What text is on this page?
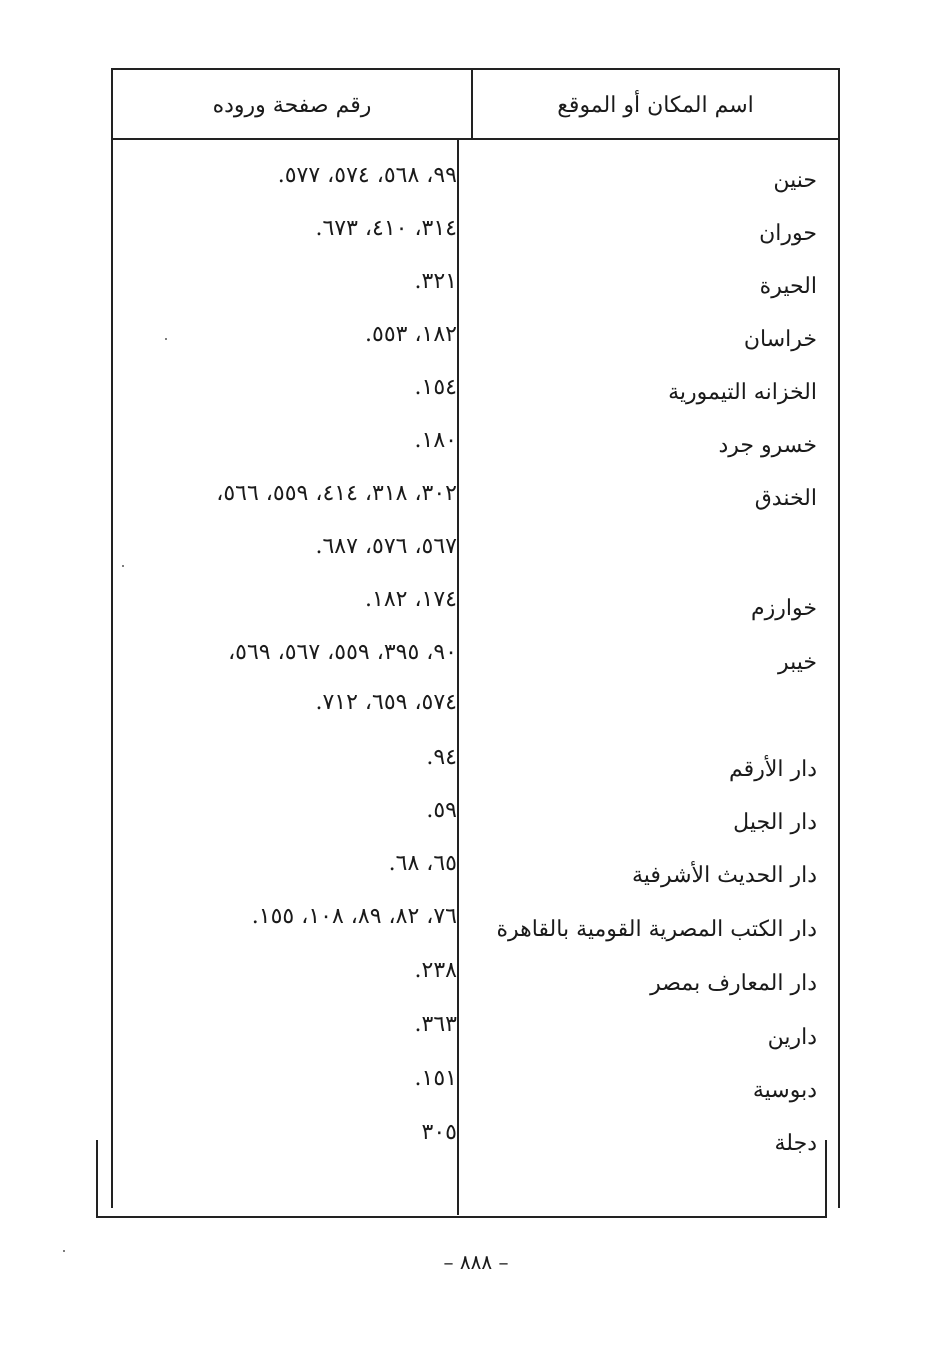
اسم المكان أو الموقع
رقم صفحة وروده
حنين
حوران
الحيرة
خراسان
الخزانه التيمورية
خسرو جرد
الخندق
خوارزم
خيبر
دار الأرقم
دار الجيل
دار الحديث الأشرفية
دار الكتب المصرية القومية بالقاهرة
دار المعارف بمصر
دارين
دبوسية
دجلة
٩٩، ٥٦٨، ٥٧٤، ٥٧٧.
٣١٤، ٤١٠، ٦٧٣.
٣٢١.
١٨٢، ٥٥٣.
١٥٤.
١٨٠.
٣٠٢، ٣١٨، ٤١٤، ٥٥٩، ٥٦٦،
٥٦٧، ٥٧٦، ٦٨٧.
١٧٤، ١٨٢.
٩٠، ٣٩٥، ٥٥٩، ٥٦٧، ٥٦٩،
٥٧٤، ٦٥٩، ٧١٢.
٩٤.
٥٩.
٦٥، ٦٨.
٧٦، ٨٢، ٨٩، ١٠٨، ١٥٥.
٢٣٨.
٣٦٣.
١٥١.
٣٠٥
– ٨٨٨ –
